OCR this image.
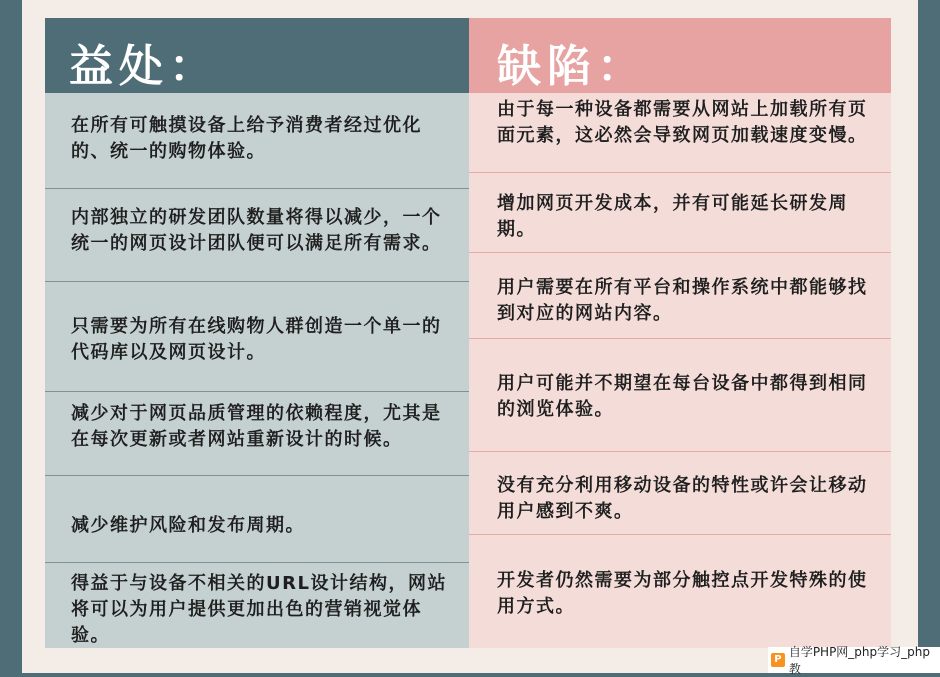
益处：
在所有可触摸设备上给予消费者经过优化的、统一的购物体验。
内部独立的研发团队数量将得以减少，一个统一的网页设计团队便可以满足所有需求。
只需要为所有在线购物人群创造一个单一的代码库以及网页设计。
减少对于网页品质管理的依赖程度，尤其是在每次更新或者网站重新设计的时候。
减少维护风险和发布周期。
得益于与设备不相关的URL设计结构，网站将可以为用户提供更加出色的营销视觉体验。
缺陷：
由于每一种设备都需要从网站上加载所有页面元素，这必然会导致网页加载速度变慢。
增加网页开发成本，并有可能延长研发周期。
用户需要在所有平台和操作系统中都能够找到对应的网站内容。
用户可能并不期望在每台设备中都得到相同的浏览体验。
没有充分利用移动设备的特性或许会让移动用户感到不爽。
开发者仍然需要为部分触控点开发特殊的使用方式。
P
自学PHP网_php学习_php教
